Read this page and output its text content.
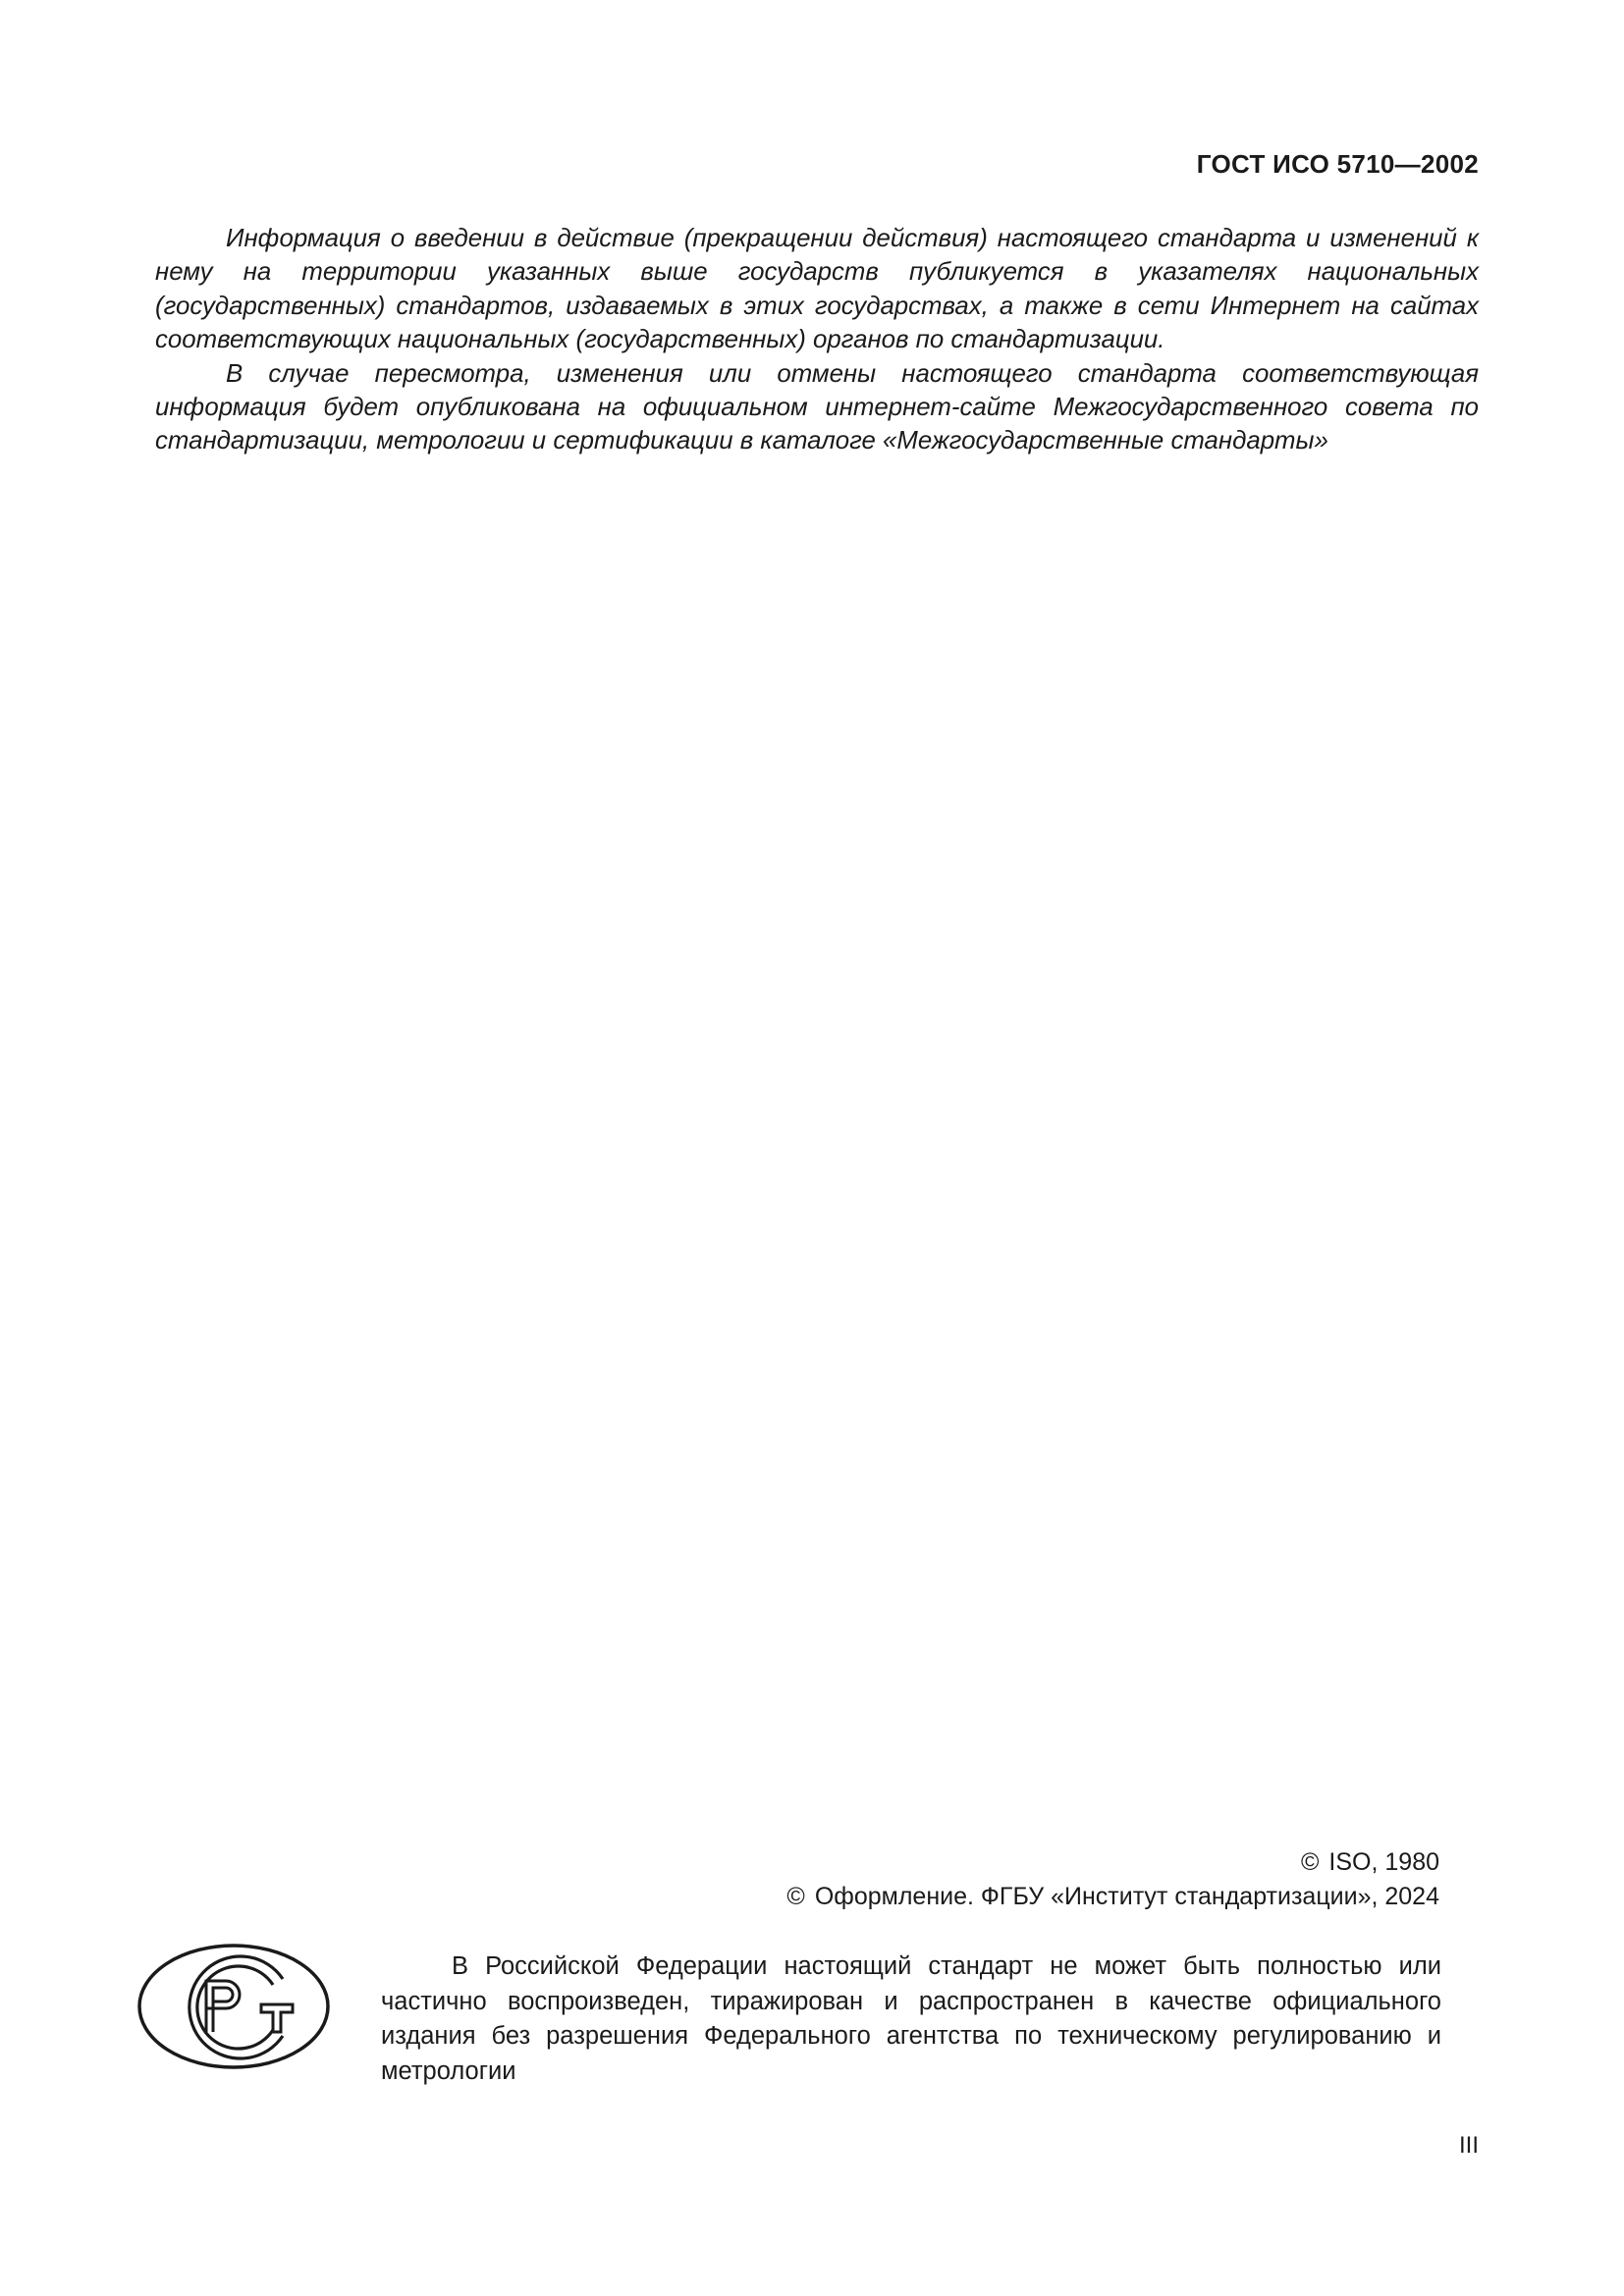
ГОСТ ИСО 5710—2002

Информация о введении в действие (прекращении действия) настоящего стандарта и изменений к нему на территории указанных выше государств публикуется в указателях национальных (государственных) стандартов, издаваемых в этих государствах, а также в сети Интернет на сайтах соответствующих национальных (государственных) органов по стандартизации.

В случае пересмотра, изменения или отмены настоящего стандарта соответствующая информация будет опубликована на официальном интернет-сайте Межгосударственного совета по стандартизации, метрологии и сертификации в каталоге «Межгосударственные стандарты»

© ISO, 1980
© Оформление. ФГБУ «Институт стандартизации», 2024

В Российской Федерации настоящий стандарт не может быть полностью или частично воспроизведен, тиражирован и распространен в качестве официального издания без разрешения Федерального агентства по техническому регулированию и метрологии

III
